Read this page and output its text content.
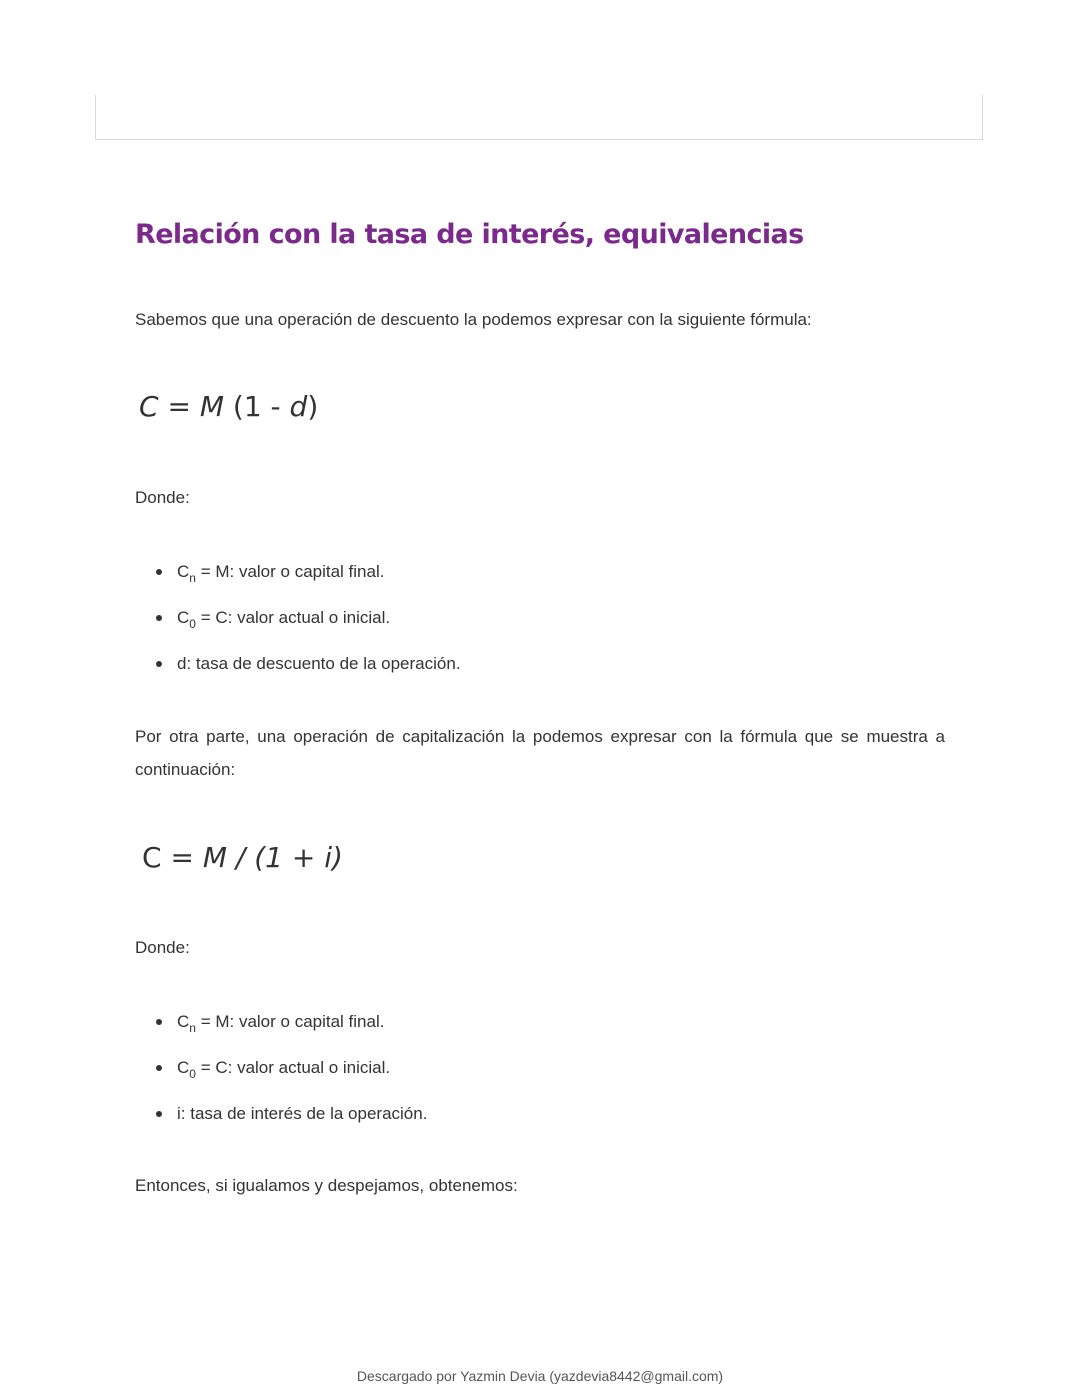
Relación con la tasa de interés, equivalencias

Sabemos que una operación de descuento la podemos expresar con la siguiente fórmula:

C = M (1 - d)

Donde:

$C_n = M$: valor o capital final.
$C_0 = C$: valor actual o inicial.
d: tasa de descuento de la operación.

Por otra parte, una operación de capitalización la podemos expresar con la fórmula que se muestra a continuación:

C = M / (1 + i)

Donde:

$C_n = M$: valor o capital final.
$C_0 = C$: valor actual o inicial.
i: tasa de interés de la operación.

Entonces, si igualamos y despejamos, obtenemos:

Descargado por Yazmin Devia (yazdevia8442@gmail.com)
